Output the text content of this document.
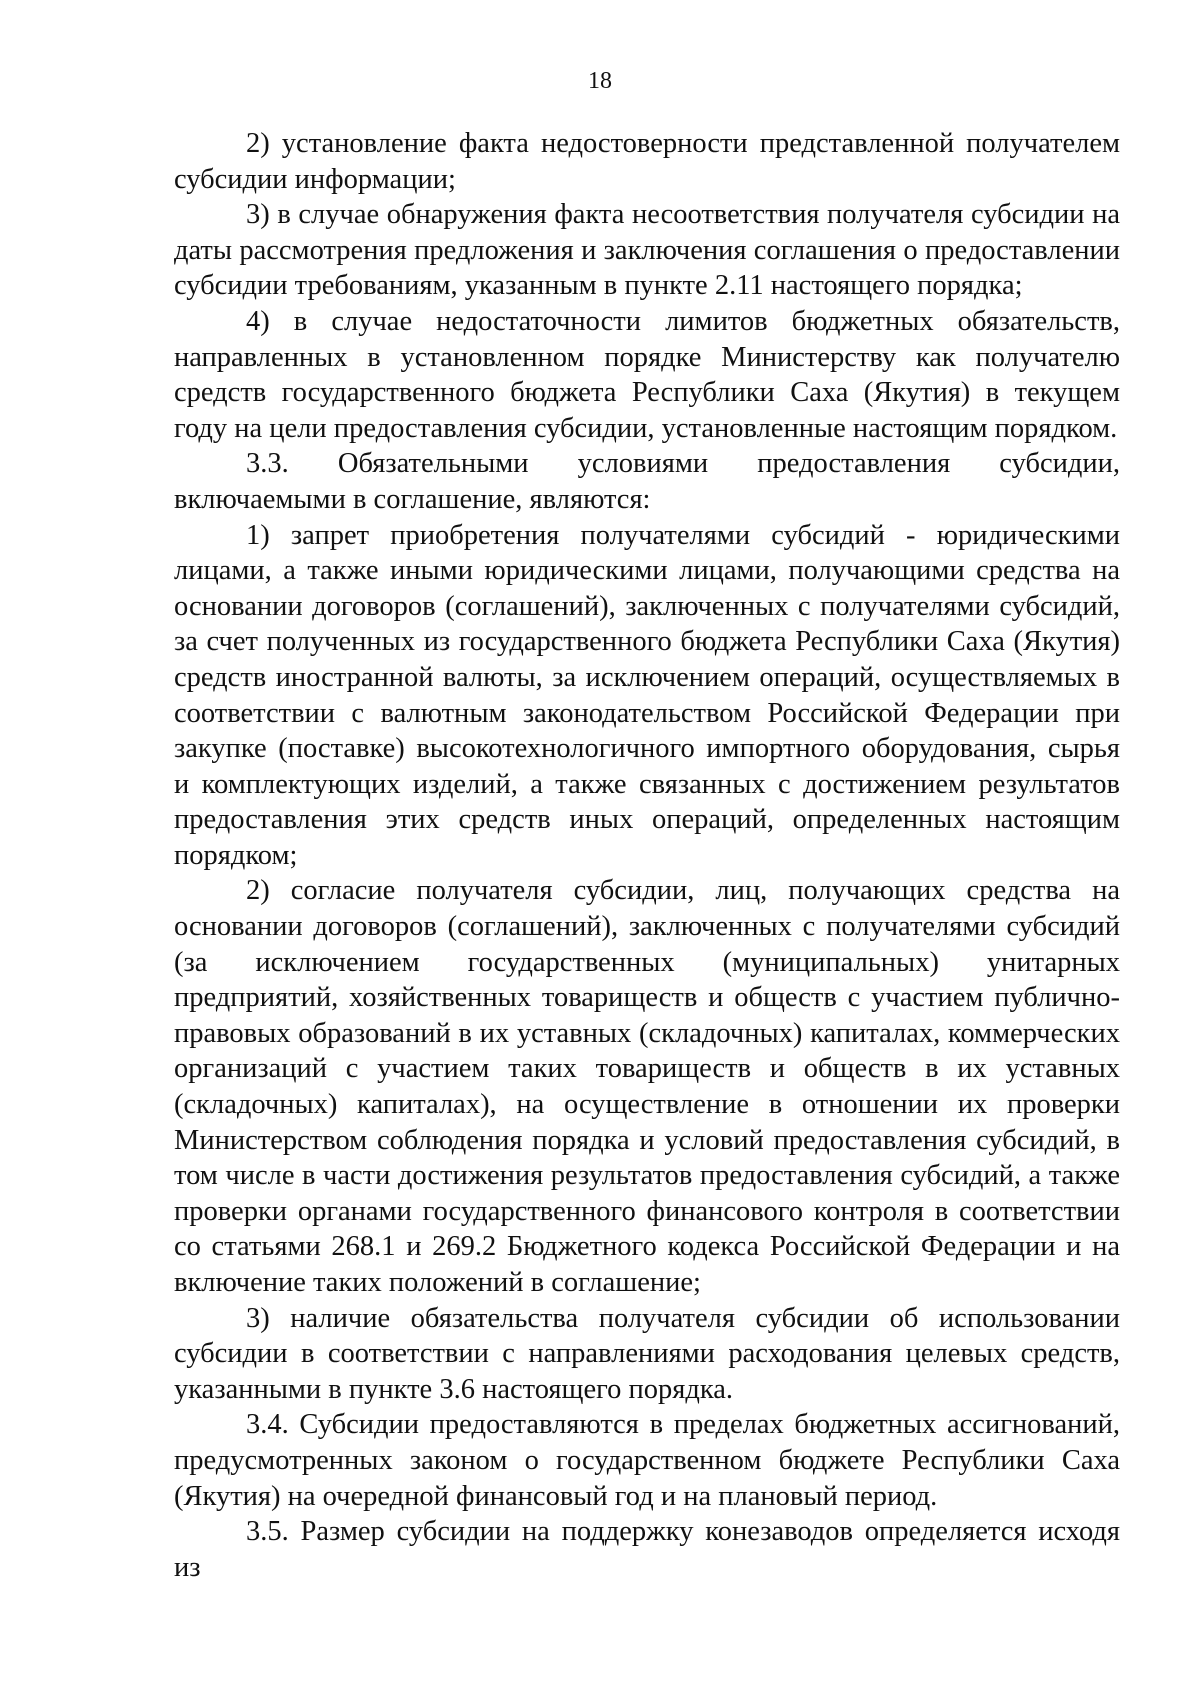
18

2) установление факта недостоверности представленной получателем субсидии информации;

3) в случае обнаружения факта несоответствия получателя субсидии на даты рассмотрения предложения и заключения соглашения о предоставлении субсидии требованиям, указанным в пункте 2.11 настоящего порядка;

4) в случае недостаточности лимитов бюджетных обязательств, направленных в установленном порядке Министерству как получателю средств государственного бюджета Республики Саха (Якутия) в текущем году на цели предоставления субсидии, установленные настоящим порядком.

3.3. Обязательными условиями предоставления субсидии, включаемыми в соглашение, являются:

1) запрет приобретения получателями субсидий - юридическими лицами, а также иными юридическими лицами, получающими средства на основании договоров (соглашений), заключенных с получателями субсидий, за счет полученных из государственного бюджета Республики Саха (Якутия) средств иностранной валюты, за исключением операций, осуществляемых в соответствии с валютным законодательством Российской Федерации при закупке (поставке) высокотехнологичного импортного оборудования, сырья и комплектующих изделий, а также связанных с достижением результатов предоставления этих средств иных операций, определенных настоящим порядком;

2) согласие получателя субсидии, лиц, получающих средства на основании договоров (соглашений), заключенных с получателями субсидий (за исключением государственных (муниципальных) унитарных предприятий, хозяйственных товариществ и обществ с участием публично-правовых образований в их уставных (складочных) капиталах, коммерческих организаций с участием таких товариществ и обществ в их уставных (складочных) капиталах), на осуществление в отношении их проверки Министерством соблюдения порядка и условий предоставления субсидий, в том числе в части достижения результатов предоставления субсидий, а также проверки органами государственного финансового контроля в соответствии со статьями 268.1 и 269.2 Бюджетного кодекса Российской Федерации и на включение таких положений в соглашение;

3) наличие обязательства получателя субсидии об использовании субсидии в соответствии с направлениями расходования целевых средств, указанными в пункте 3.6 настоящего порядка.

3.4. Субсидии предоставляются в пределах бюджетных ассигнований, предусмотренных законом о государственном бюджете Республики Саха (Якутия) на очередной финансовый год и на плановый период.

3.5. Размер субсидии на поддержку конезаводов определяется исходя из
